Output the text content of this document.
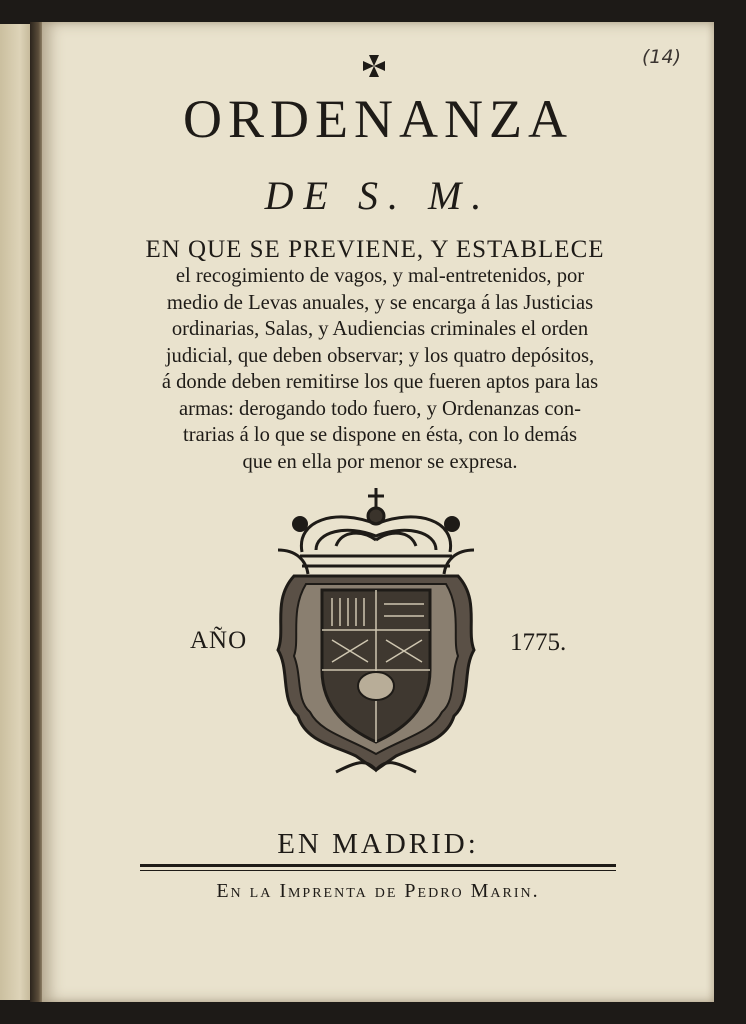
(14)
ORDENANZA
DE S. M.
EN QUE SE PREVIENE, Y ESTABLECE
el recogimiento de vagos, y mal-entretenidos, por
medio de Levas anuales, y se encarga á las Justicias
ordinarias, Salas, y Audiencias criminales el orden
judicial, que deben observar; y los quatro depósitos,
á donde deben remitirse los que fueren aptos para las
armas: derogando todo fuero, y Ordenanzas con-
trarias á lo que se dispone en ésta, con lo demás
que en ella por menor se expresa.
AÑO	1775.
EN MADRID:
En la Imprenta de Pedro Marin.
